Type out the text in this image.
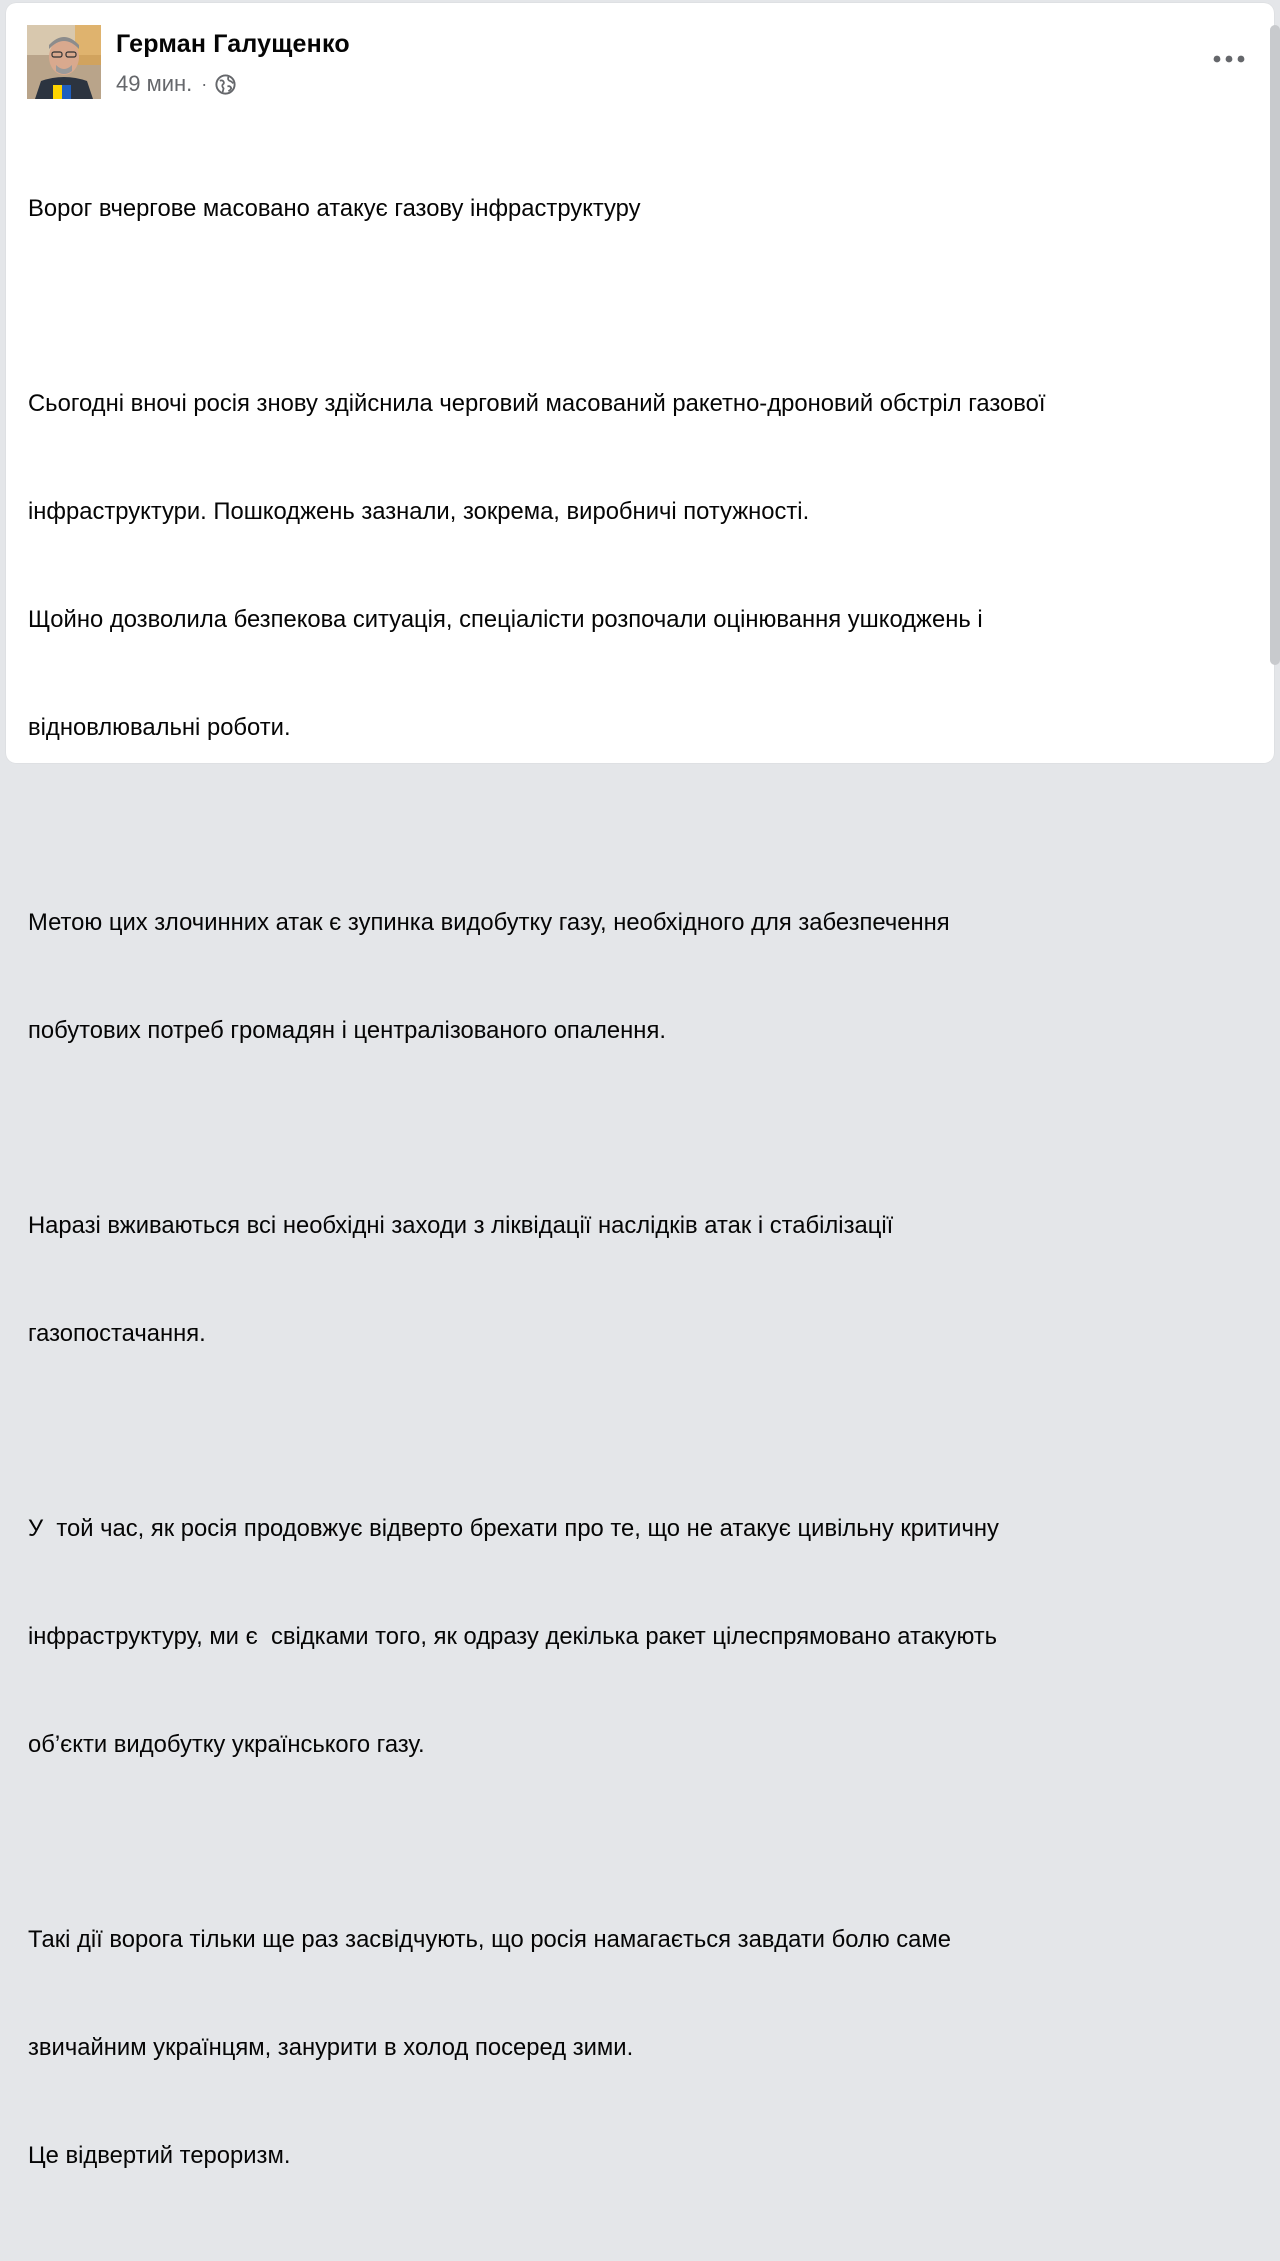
Герман Галущенко
49 мин. ·

Ворог вчергове масовано атакує газову інфраструктуру

Сьогодні вночі росія знову здійснила черговий масований ракетно-дроновий обстріл газової

інфраструктури. Пошкоджень зазнали, зокрема, виробничі потужності.

Щойно дозволила безпекова ситуація, спеціалісти розпочали оцінювання ушкоджень і

відновлювальні роботи.

Метою цих злочинних атак є зупинка видобутку газу, необхідного для забезпечення

побутових потреб громадян і централізованого опалення.

Наразі вживаються всі необхідні заходи з ліквідації наслідків атак і стабілізації

газопостачання.

У  той час, як росія продовжує відверто брехати про те, що не атакує цивільну критичну

інфраструктуру, ми є  свідками того, як одразу декілька ракет цілеспрямовано атакують

об’єкти видобутку українського газу.

Такі дії ворога тільки ще раз засвідчують, що росія намагається завдати болю саме

звичайним українцям, занурити в холод посеред зими.

Це відвертий тероризм.
